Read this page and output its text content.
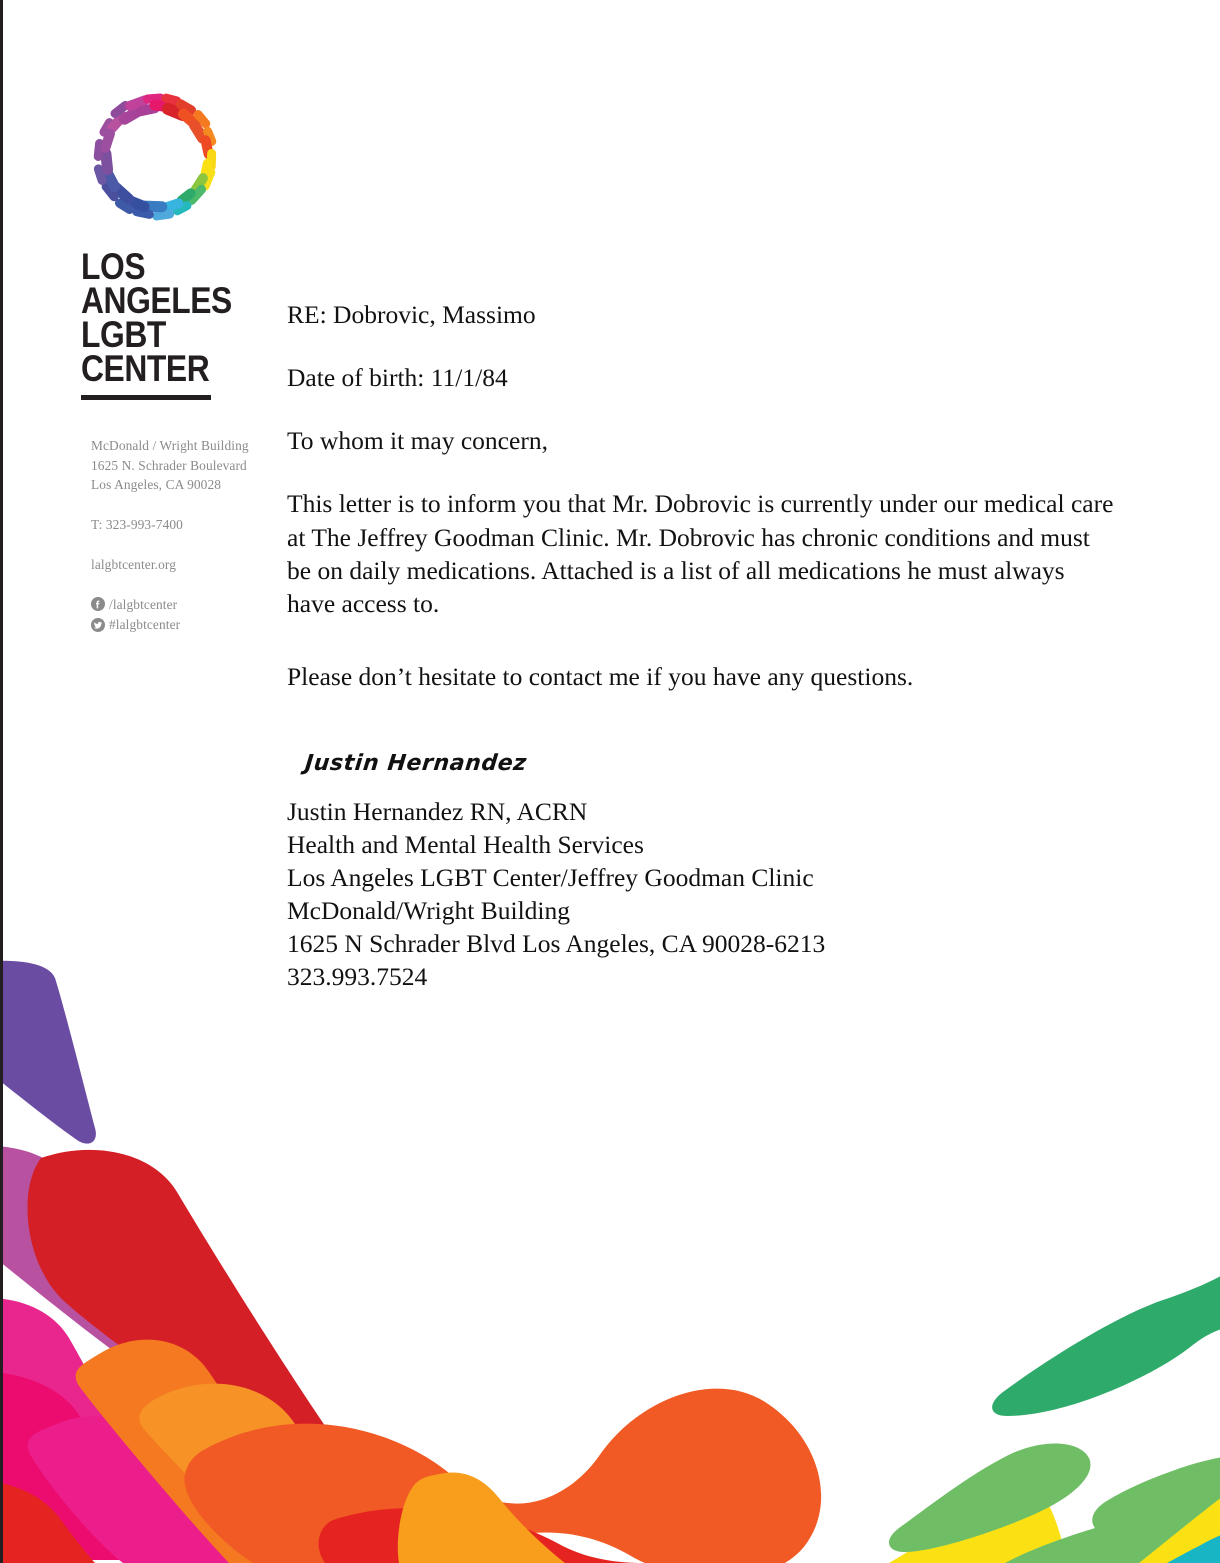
LOS
ANGELES
LGBT
CENTER
McDonald / Wright Building
1625 N. Schrader Boulevard
Los Angeles, CA 90028
T: 323-993-7400
lalgbtcenter.org
/lalgbtcenter
#lalgbtcenter

RE: Dobrovic, Massimo

Date of birth: 11/1/84

To whom it may concern,

This letter is to inform you that Mr. Dobrovic is currently under our medical care at The Jeffrey Goodman Clinic. Mr. Dobrovic has chronic conditions and must be on daily medications. Attached is a list of all medications he must always have access to.

Please don’t hesitate to contact me if you have any questions.

Justin Hernandez
Justin Hernandez RN, ACRN
Health and Mental Health Services
Los Angeles LGBT Center/Jeffrey Goodman Clinic
McDonald/Wright Building
1625 N Schrader Blvd Los Angeles, CA 90028-6213
323.993.7524
